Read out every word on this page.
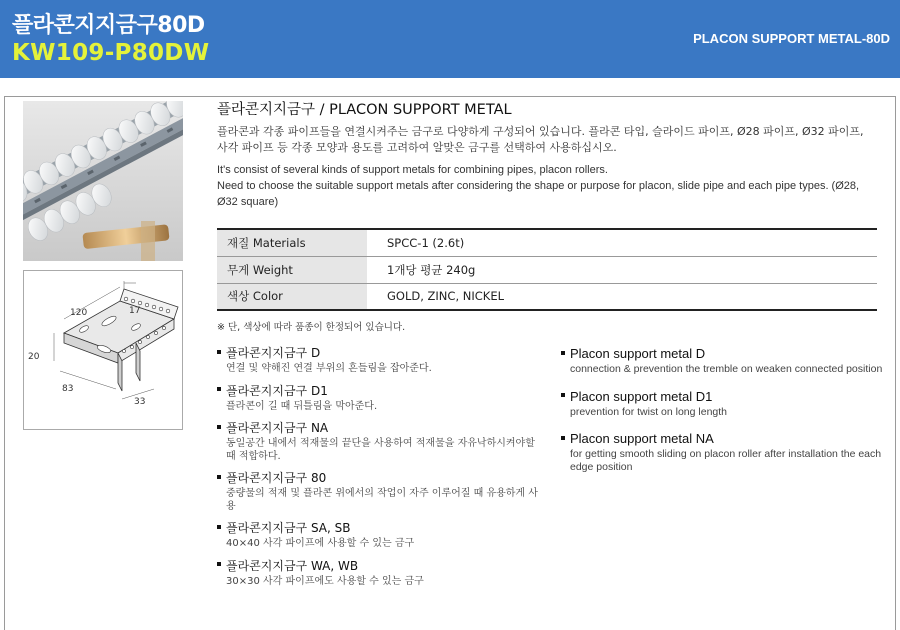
플라콘지지금구80D
KW109-P80DW
PLACON SUPPORT METAL-80D
120	17
20
83
33
플라콘지지금구 / PLACON SUPPORT METAL
플라콘과 각종 파이프들을 연결시켜주는 금구로 다양하게 구성되어 있습니다. 플라콘 타입, 슬라이드 파이프, Ø28 파이프, Ø32 파이프, 사각 파이프 등 각종 모양과 용도를 고려하여 알맞은 금구를 선택하여 사용하십시오.
It's consist of several kinds of support metals for combining pipes, placon rollers.
Need to choose the suitable support metals after considering the shape or purpose for placon, slide pipe and each pipe types. (Ø28, Ø32 square)
재질 Materials	SPCC-1 (2.6t)
무게 Weight	1개당 평균 240g
색상 Color	GOLD, ZINC, NICKEL
※ 단, 색상에 따라 품종이 한정되어 있습니다.
플라콘지지금구 D
연결 및 약해진 연결 부위의 흔들림을 잡아준다.
플라콘지지금구 D1
플라콘이 길 때 뒤틀림을 막아준다.
플라콘지지금구 NA
동일공간 내에서 적재물의 끝단을 사용하여 적재물을 자유낙하시켜야할 때 적합하다.
플라콘지지금구 80
중량물의 적재 및 플라콘 위에서의 작업이 자주 이루어질 때 유용하게 사용
플라콘지지금구 SA, SB
40×40 사각 파이프에 사용할 수 있는 금구
플라콘지지금구 WA, WB
30×30 사각 파이프에도 사용할 수 있는 금구
Placon support metal D
connection & prevention the tremble on weaken connected position
Placon support metal D1
prevention for twist on long length
Placon support metal NA
for getting smooth sliding on placon roller after installation the each edge position
